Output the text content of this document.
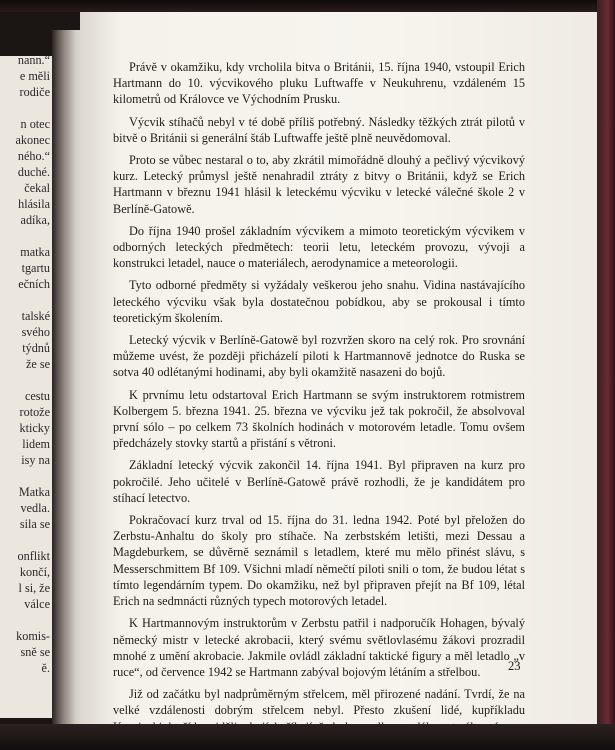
nann.“
e měli
rodiče
n otec
akonec
ného.“
duché.
čekal
hlásila
adíka,
matka
tgartu
ečních
talské
svého
týdnů
že se
cestu
rotože
kticky
lidem
isy na
Matka
vedla.
sila se
onflikt
končí,
l si, že
válce
komis-
sně se
ě.

Právě v okamžiku, kdy vrcholila bitva o Británii, 15. října 1940, vstoupil Erich Hartmann do 10. výcvikového pluku Luftwaffe v Neukuhrenu, vzdáleném 15 kilometrů od Královce ve Východním Prusku.

Výcvik stíhačů nebyl v té době příliš potřebný. Následky těžkých ztrát pilotů v bitvě o Británii si generální štáb Luftwaffe ještě plně neuvědomoval.

Proto se vůbec nestaral o to, aby zkrátil mimořádně dlouhý a pečlivý výcvikový kurz. Letecký průmysl ještě nenahradil ztráty z bitvy o Británii, když se Erich Hartmann v březnu 1941 hlásil k leteckému výcviku v letecké válečné škole 2 v Berlíně-Gatowě.

Do října 1940 prošel základním výcvikem a mimoto teoretickým výcvikem v odborných leteckých předmětech: teorii letu, leteckém provozu, vývoji a konstrukci letadel, nauce o materiálech, aerodynamice a meteorologii.

Tyto odborné předměty si vyžádaly veškerou jeho snahu. Vidina nastávajícího leteckého výcviku však byla dostatečnou pobídkou, aby se prokousal i tímto teoretickým školením.

Letecký výcvik v Berlíně-Gatowě byl rozvržen skoro na celý rok. Pro srovnání můžeme uvést, že později přicházelí piloti k Hartmannově jednotce do Ruska se sotva 40 odlétanými hodinami, aby byli okamžitě nasazeni do bojů.

K prvnímu letu odstartoval Erich Hartmann se svým instruktorem rotmistrem Kolbergem 5. března 1941. 25. března ve výcviku jež tak pokročil, že absolvoval první sólo – po celkem 73 školních hodinách v motorovém letadle. Tomu ovšem předcházely stovky startů a přistání s větroni.

Základní letecký výcvik zakončil 14. října 1941. Byl připraven na kurz pro pokročilé. Jeho učitelé v Berlíně-Gatowě právě rozhodli, že je kandidátem pro stíhací letectvo.

Pokračovací kurz trval od 15. října do 31. ledna 1942. Poté byl přeložen do Zerbstu-Anhaltu do školy pro stíhače. Na zerbstském letišti, mezi Dessau a Magdeburkem, se důvěrně seznámil s letadlem, které mu mělo přinést slávu, s Messerschmittem Bf 109. Všichni mladí němečtí piloti snili o tom, že budou létat s tímto legendárním typem. Do okamžiku, než byl připraven přejít na Bf 109, létal Erich na sedmnácti různých typech motorových letadel.

K Hartmannovým instruktorům v Zerbstu patřil i nadporučík Hohagen, bývalý německý mistr v letecké akrobacii, který svému světlovlasému žákovi prozradil mnohé z umění akrobacie. Jakmile ovládl základní taktické figury a měl letadlo „v ruce“, od července 1942 se Hartmann zabýval bojovým létáním a střelbou.

Již od začátku byl nadprůměrným střelcem, měl přirozené nadání. Tvrdí, že na velké vzdálenosti dobrým střelcem nebyl. Přesto zkušení lidé, kupříkladu

23
